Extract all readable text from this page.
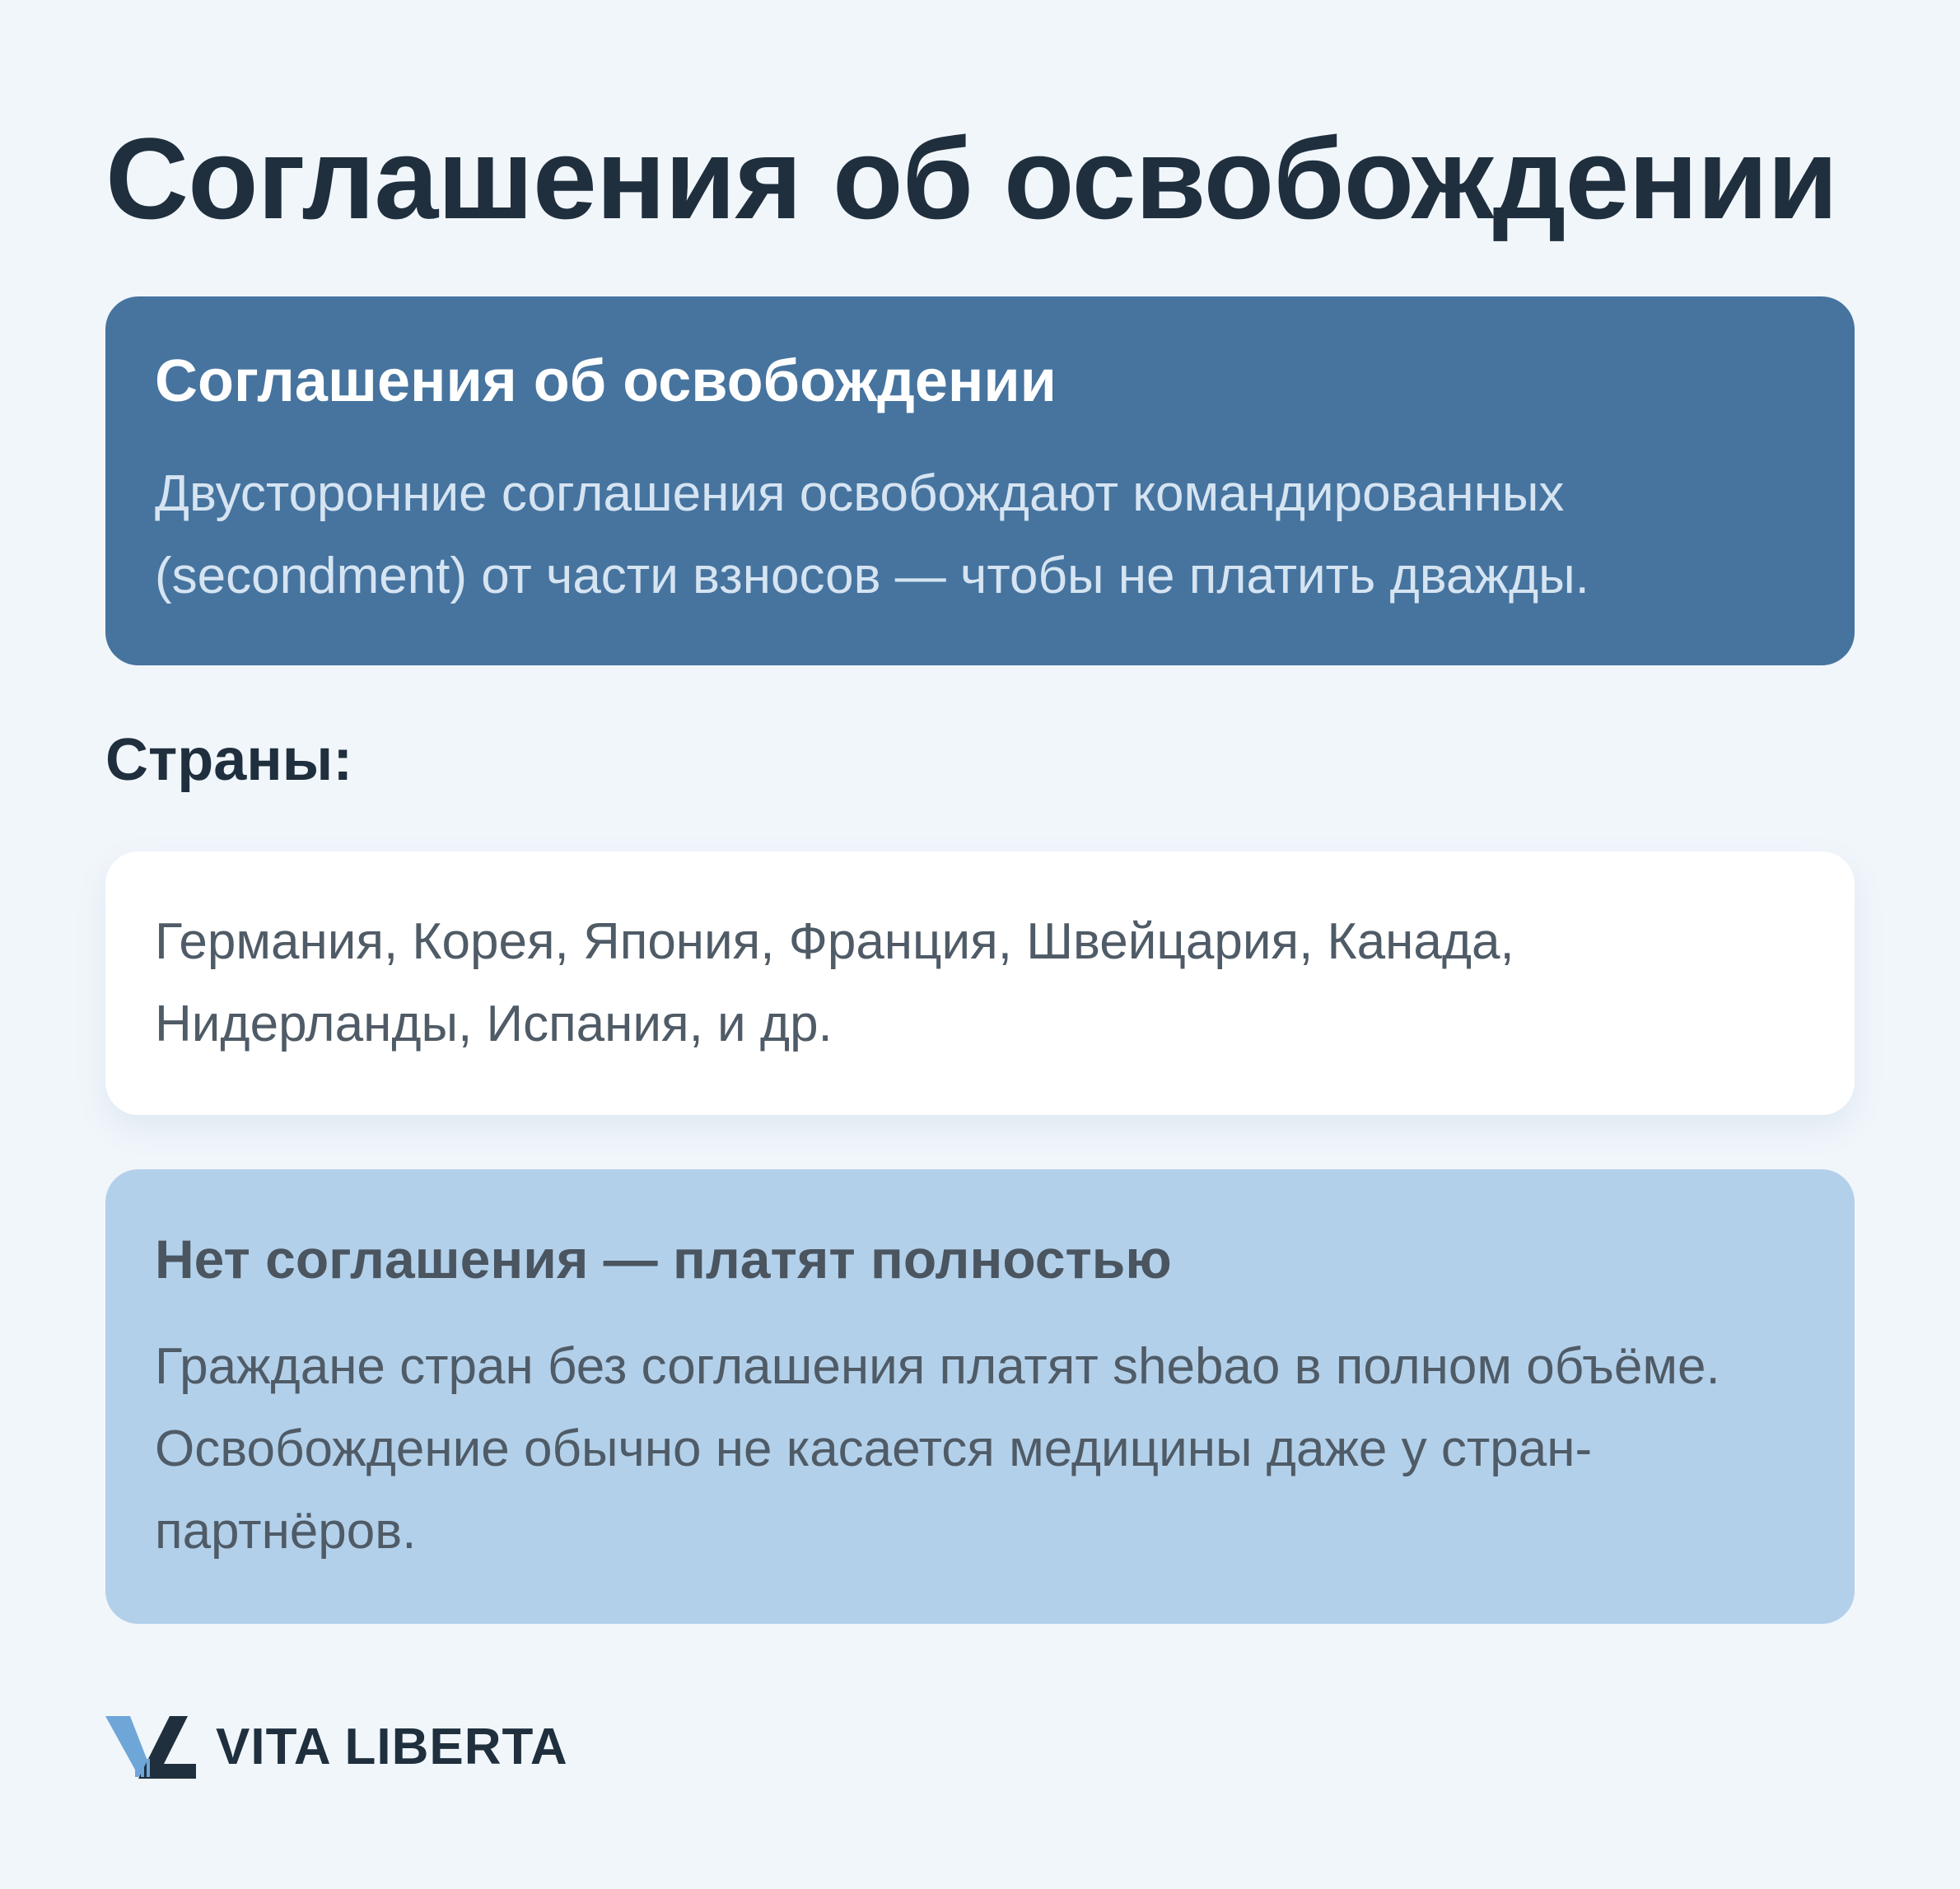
Соглашения об освобождении
Соглашения об освобождении

Двусторонние соглашения освобождают командированных (secondment) от части взносов — чтобы не платить дважды.

Страны:

Германия, Корея, Япония, Франция, Швейцария, Канада, Нидерланды, Испания, и др.

Нет соглашения — платят полностью

Граждане стран без соглашения платят shebao в полном объёме. Освобождение обычно не касается медицины даже у стран-партнёров.

VITA LIBERTA
